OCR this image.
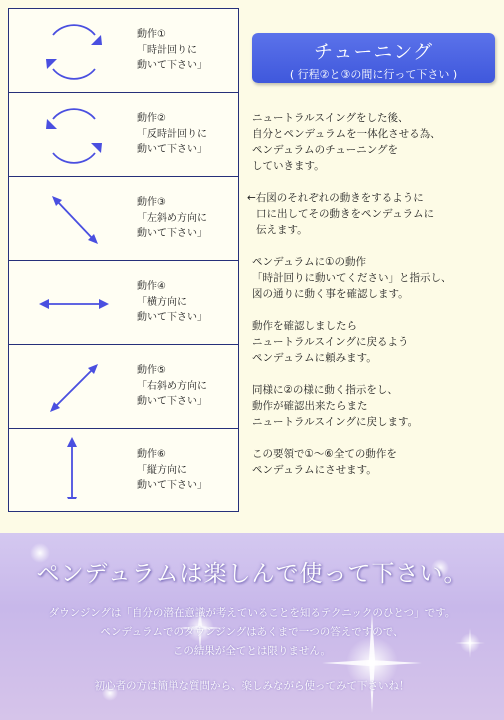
動作①
「時計回りに
動いて下さい」
動作②
「反時計回りに
動いて下さい」
動作③
「左斜め方向に
動いて下さい」
動作④
「横方向に
動いて下さい」
動作⑤
「右斜め方向に
動いて下さい」
動作⑥
「縦方向に
動いて下さい」
チューニング
( 行程②と③の間に行って下さい )
ニュートラルスイングをした後、
自分とペンデュラムを一体化させる為、
ペンデュラムのチューニングを
していきます。
←右図のそれぞれの動きをするように
口に出してその動きをペンデュラムに
伝えます。
ペンデュラムに①の動作
「時計回りに動いてください」と指示し、
図の通りに動く事を確認します。
動作を確認しましたら
ニュートラルスイングに戻るよう
ペンデュラムに頼みます。
同様に②の様に動く指示をし、
動作が確認出来たらまた
ニュートラルスイングに戻します。
この要領で①～⑥全ての動作を
ペンデュラムにさせます。
ペンデュラムは楽しんで使って下さい。
ダウンジングは「自分の潜在意識が考えていることを知るテクニックのひとつ」です。
ペンデュラムでのダウンジングはあくまで一つの答えですので、
この結果が全てとは限りません。
初心者の方は簡単な質問から、楽しみながら使ってみて下さいね！
